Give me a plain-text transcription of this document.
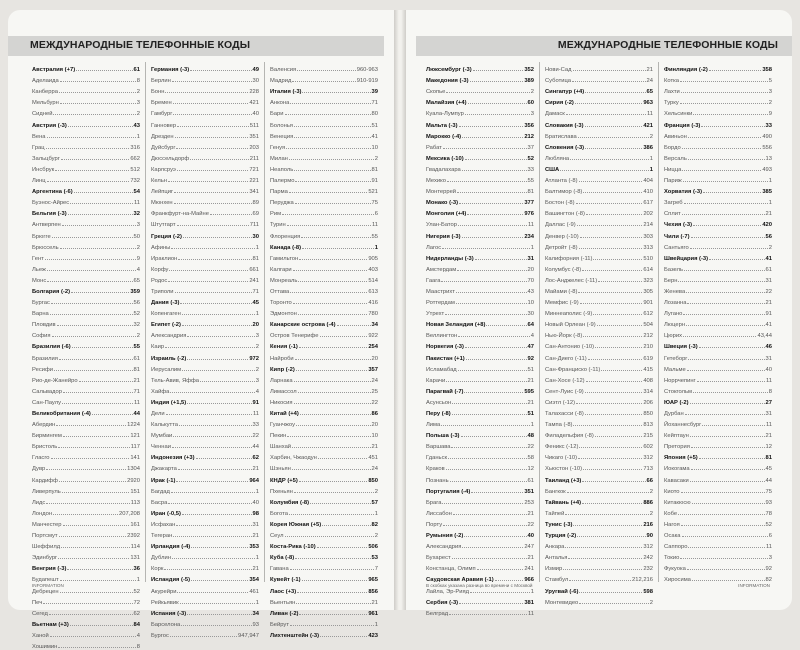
МЕЖДУНАРОДНЫЕ ТЕЛЕФОННЫЕ КОДЫ
Австралия (+7)	61
Аделаида	8
Канберра	2
Мельбурн	3
Сидней	2
Австрия (-3)	43
Вена	1
Грац	316
Зальцбург	662
Инсбрук	512
Линц	732
Аргентина (-6)	54
Буэнос-Айрес	11
Бельгия (-3)	32
Антверпен	3
Брюгге	50
Брюссель	2
Гент	9
Льеж	4
Монс	65
Болгария (-2)	359
Бургас	56
Варна	52
Пловдив	32
София	2
Бразилия (-6)	55
Бразилия	61
Ресифи	81
Рио-де-Жанейро	21
Сальвадор	71
Сан-Паулу	11
Великобритания (-4)	44
Абердин	1224
Бирмингем	121
Бристоль	117
Гласго	141
Дувр	1304
Кардифф	2920
Ливерпуль	151
Лидс	113
Лондон	207,208
Манчестер	161
Портсмут	2392
Шеффилд	114
Эдинбург	131
Венгрия (-3)	36
Будапешт	1
Дебрецен	52
Печ	72
Сегед	62
Вьетнам (+3)	84
Ханой	4
Хошимин	8
Германия (-3)	49
Берлин	30
Бонн	228
Бремен	421
Гамбург	40
Ганновер	511
Дрезден	351
Дуйсбург	203
Дюссельдорф	211
Карлсруэ	721
Кельн	221
Лейпциг	341
Мюнхен	89
Франкфурт-на-Майне	69
Штутгарт	711
Греция (-2)	30
Афины	1
Ираклион	81
Корфу	661
Родос	241
Триполи	71
Дания (-3)	45
Копенгаген	1
Египет (-2)	20
Александрия	3
Каир	2
Израиль (-2)	972
Иерусалим	2
Тель-Авив, Яффа	3
Хайфа	4
Индия (+1,5)	91
Дели	11
Калькутта	33
Мумбаи	22
Ченнаи	44
Индонезия (+3)	62
Джакарта	21
Ирак (-1)	964
Багдад	1
Басра	40
Иран (-0,5)	98
Исфахан	31
Тегеран	21
Ирландия (-4)	353
Дублин	1
Корк	21
Исландия (-5)	354
Акурейри	461
Рейкьявик	1
Испания (-3)	34
Барселона	93
Бургос	947,947
Валенсия	960-963
Мадрид	910-919
Италия (-3)	39
Анкона	71
Бари	80
Болонья	51
Венеция	41
Генуя	10
Милан	2
Неаполь	81
Палермо	91
Парма	521
Перуджа	75
Рим	6
Турин	11
Флоренция	55
Канада (-8)	1
Гамильтон	905
Калгари	403
Монреаль	514
Оттава	613
Торонто	416
Эдмонтон	780
Канарские острова (-4)	34
Остров Тенерифе	922
Кения (-1)	254
Найроби	20
Кипр (-2)	357
Ларнака	24
Лимассол	25
Никосия	22
Китай (+4)	86
Гуанчжоу	20
Пекин	10
Шанхай	21
Харбин, Чжаодун	451
Шэньян	24
КНДР (+5)	850
Пхеньян	2
Колумбия (-8)	57
Богота	1
Корея Южная (+5)	82
Сеул	2
Коста-Рика (-10)	506
Куба (-8)	53
Гавана	7
Кувейт (-1)	965
Лаос (+3)	856
Вьентьян	21
Ливан (-2)	961
Бейрут	1
Лихтенштейн (-3)	423
INFORMATION
МЕЖДУНАРОДНЫЕ ТЕЛЕФОННЫЕ КОДЫ
Люксембург (-3)	352
Македония (-3)	389
Скопье	2
Малайзия (+4)	60
Куала-Лумпур	3
Мальта (-3)	356
Марокко (-4)	212
Рабат	37
Мексика (-10)	52
Гвадалахара	33
Мехико	55
Монтеррей	81
Монако (-3)	377
Монголия (+4)	976
Улан-Батор	11
Нигерия (-3)	234
Лагос	1
Нидерланды (-3)	31
Амстердам	20
Гаага	70
Маастрихт	43
Роттердам	10
Утрехт	30
Новая Зеландия (+8)	64
Веллингтон	4
Норвегия (-3)	47
Пакистан (+1)	92
Исламабад	51
Карачи	21
Парагвай (-7)	595
Асунсьон	21
Перу (-8)	51
Лима	1
Польша (-3)	48
Варшава	22
Гданьск	58
Краков	12
Познань	61
Португалия (-4)	351
Брага	253
Лиссабон	21
Порту	22
Румыния (-2)	40
Александрия	247
Бухарест	21
Констанца, Олимп	241
Саудовская Аравия (-1)	966
Лайла, Эр-Рияд	1
Сербия (-3)	381
Белград	11
Нови-Сад	21
Суботица	24
Сингапур (+4)	65
Сирия (-2)	963
Дамаск	11
Словакия (-3)	421
Братислава	2
Словения (-3)	386
Любляна	1
США	1
Атланта (-8)	404
Балтимор (-8)	410
Бостон (-8)	617
Вашингтон (-8)	202
Даллас (-9)	214
Денвер (-10)	303
Детройт (-8)	313
Калифорния (-11)	510
Колумбус (-8)	614
Лос-Анджелес (-11)	323
Майами (-8)	305
Мемфис (-9)	901
Миннеаполис (-9)	612
Новый Орлеан (-9)	504
Нью-Йорк (-8)	212
Сан-Антонио (-10)	210
Сан-Диего (-11)	619
Сан-Франциско (-11)	415
Сан-Хосе (-12)	408
Сент-Луис (-9)	314
Сиэтл (-12)	206
Талахасси (-8)	850
Тампа (-8)	813
Филадельфия (-8)	215
Феникс (-12)	602
Чикаго (-10)	312
Хьюстон (-10)	713
Таиланд (+3)	66
Бангкок	2
Тайвань (+4)	886
Тайпей	2
Тунис (-3)	216
Турция (-2)	90
Анкара	312
Анталья	242
Измир	232
Стамбул	212,216
Уругвай (-6)	598
Монтевидео	2
Финляндия (-2)	358
Котка	5
Лахти	3
Турку	2
Хельсинки	9
Франция (-3)	33
Авиньон	490
Бордо	556
Версаль	13
Ницца	493
Париж	1
Хорватия (-3)	385
Загреб	1
Сплит	21
Чехия (-3)	420
Чили (-7)	56
Сантьяго	2
Швейцария (-3)	41
Базель	61
Берн	31
Женева	22
Лозанна	21
Лугано	91
Люцерн	41
Цюрих	43,44
Швеция (-3)	46
Гетеборг	31
Мальме	40
Норрчепинг	11
Стокгольм	8
ЮАР (-2)	27
Дурбан	31
Йоханнесбург	11
Кейптаун	21
Претория	12
Япония (+5)	81
Иокогама	45
Кавасаки	44
Киото	75
Китакюсю	93
Кобе	78
Нагоя	52
Осака	6
Саппоро	11
Токио	3
Фукуока	92
Хиросима	82
В скобках указана разница во времени с Москвой	INFORMATION
